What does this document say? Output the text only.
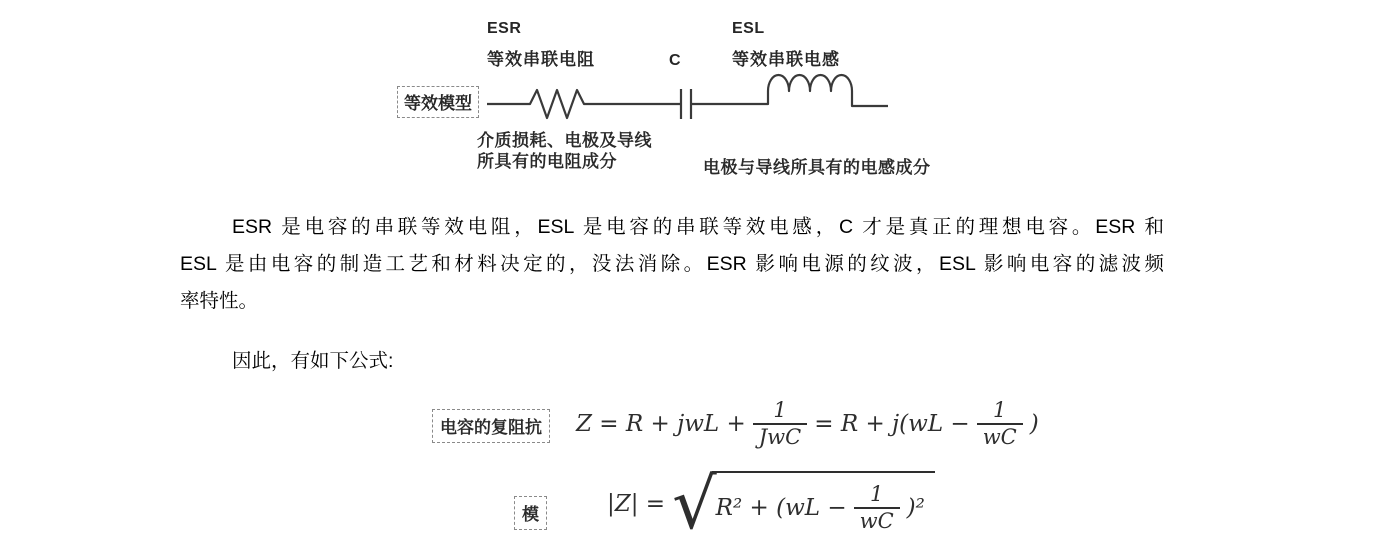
ESR
等效串联电阻	C
ESL
等效串联电感
等效模型
介质损耗、电极及导线
所具有的电阻成分	电极与导线所具有的电感成分
ESR 是电容的串联等效电阻，ESL 是电容的串联等效电感，C 才是真正的理想电容。ESR 和
ESL 是由电容的制造工艺和材料决定的，没法消除。ESR 影响电源的纹波，ESL 影响电容的滤波频
率特性。
因此，有如下公式:
电容的复阻抗	Z = R + jwL + $\frac{1}{\text{JwC}} = R + j(wL - \frac{1}{wC}$ )
模	|Z| = √ $R^2 + (wL - \frac{1}{wC} )^2$
